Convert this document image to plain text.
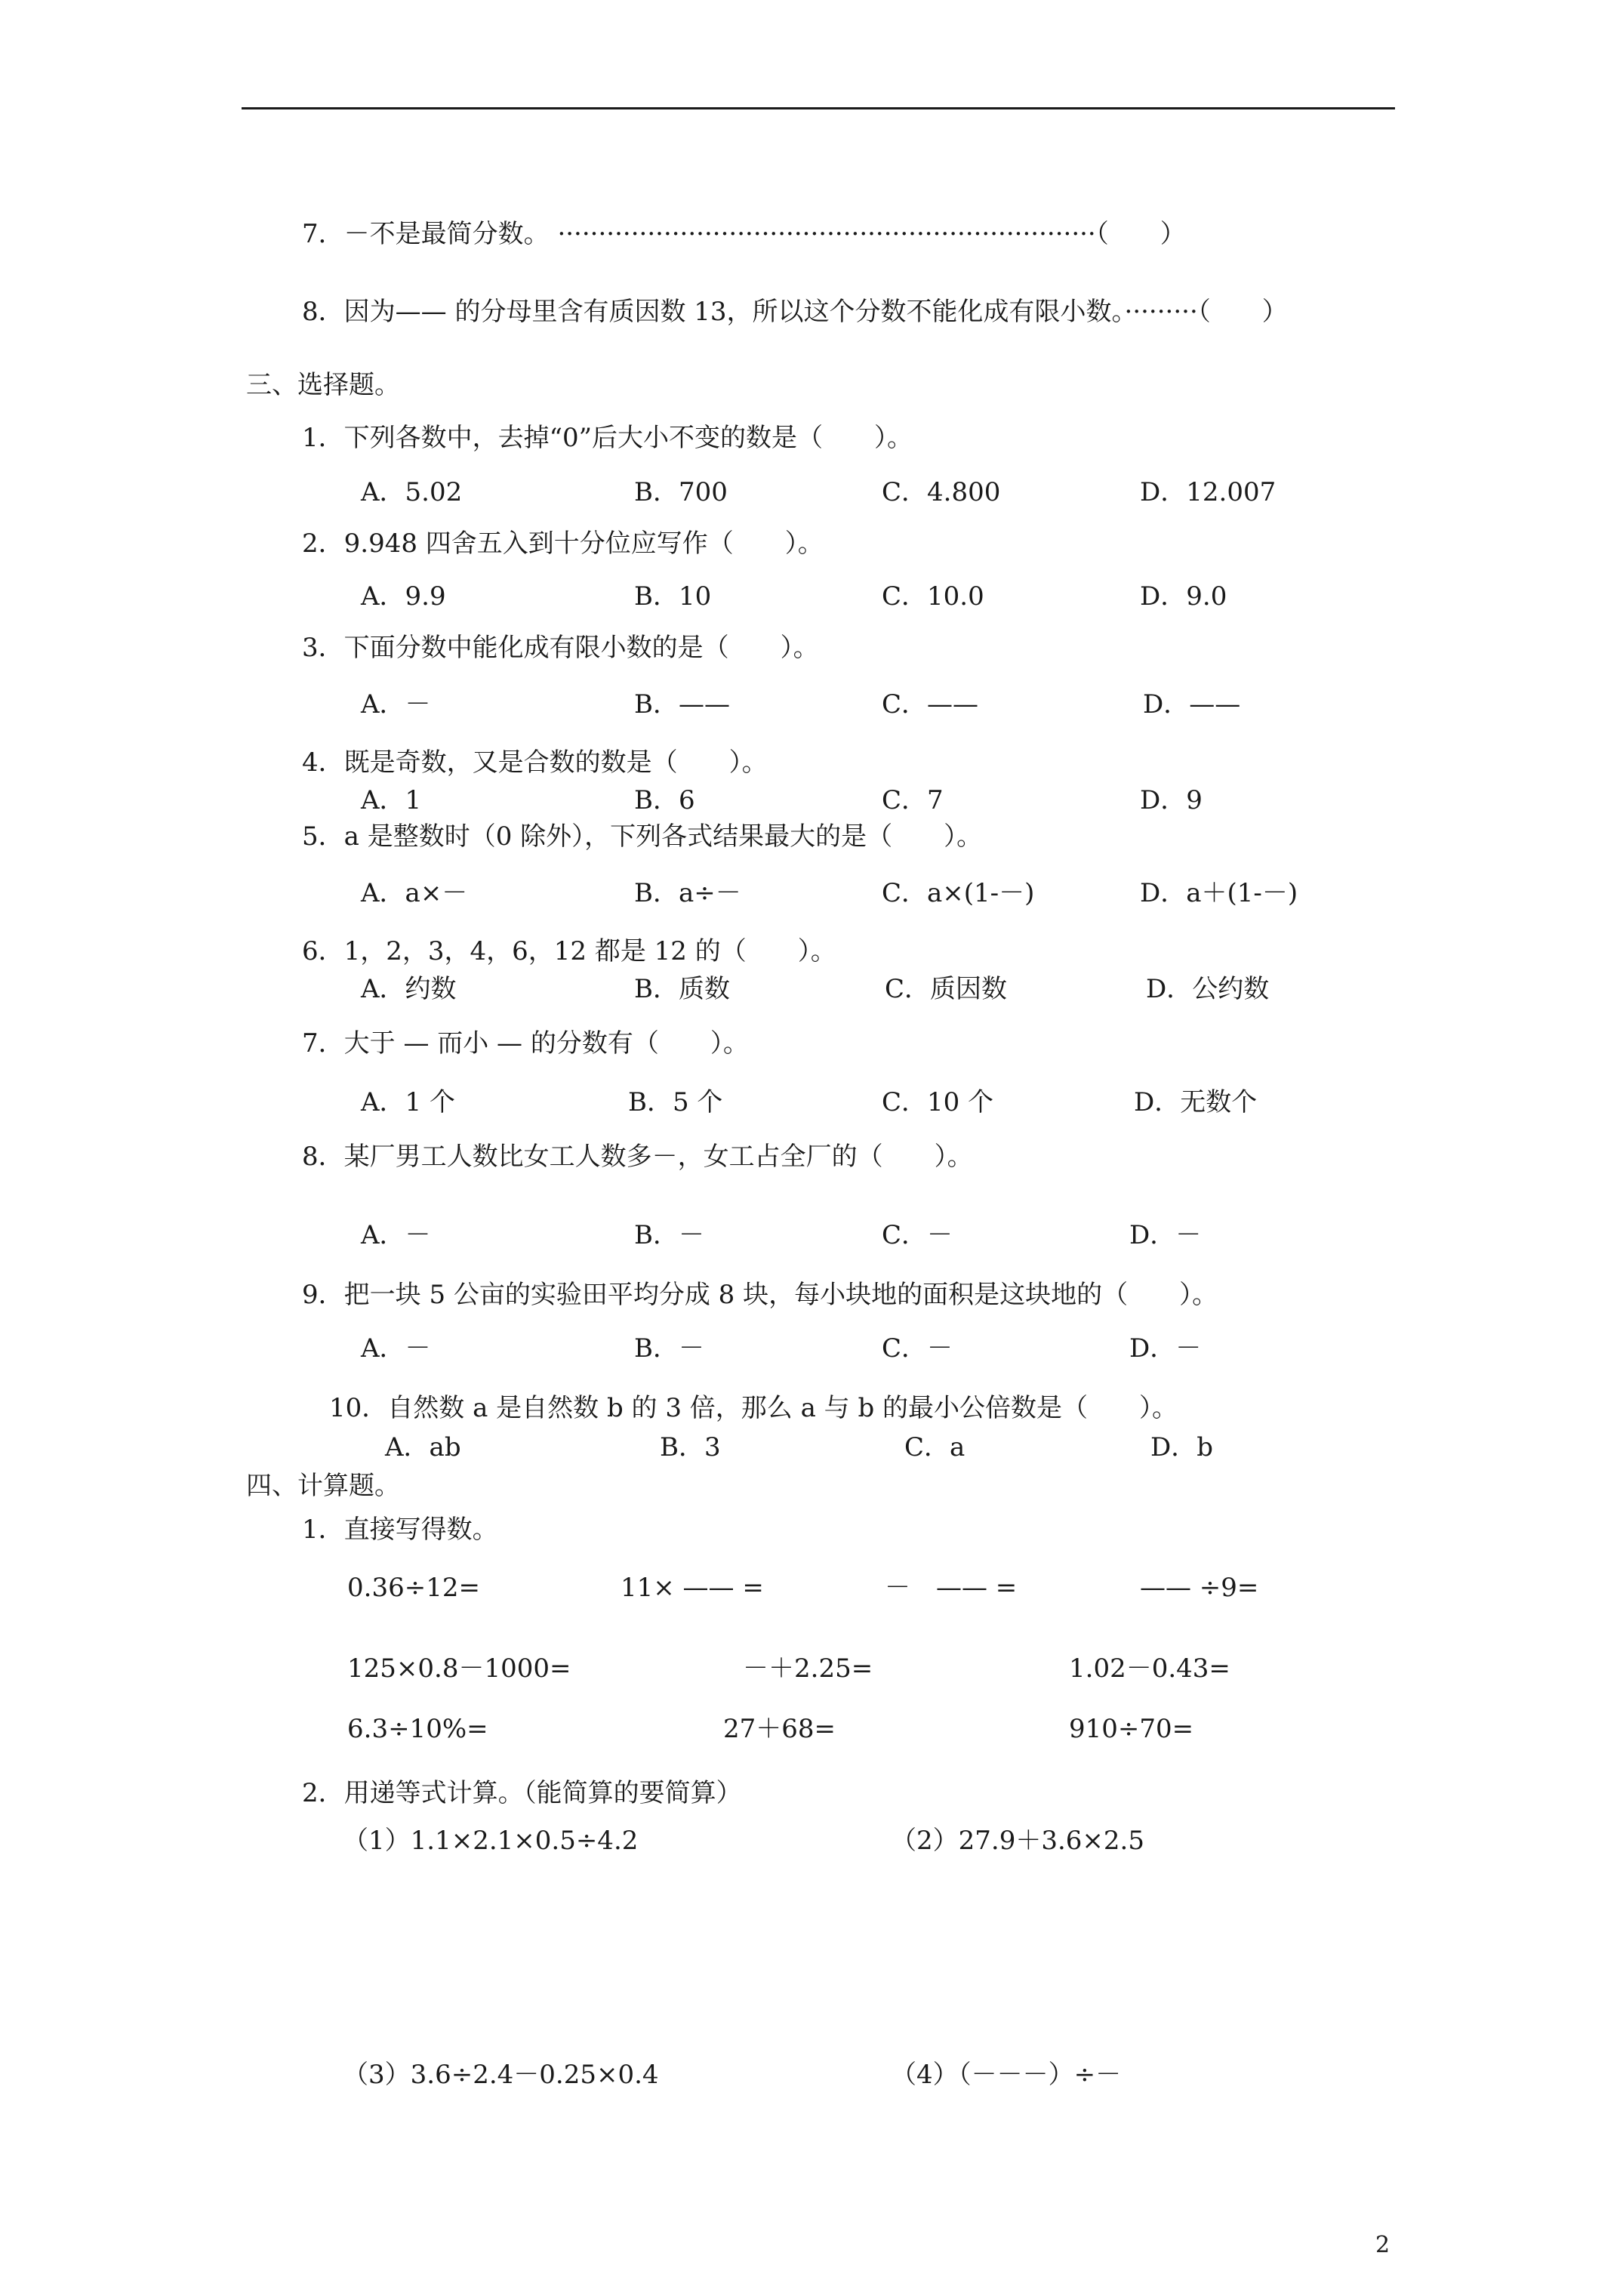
7．－不是最简分数。 ··································································（　　）
8．因为—— 的分母里含有质因数 13，所以这个分数不能化成有限小数。·········（　　）
三、选择题。
1．下列各数中，去掉“0”后大小不变的数是（　　）。
A．5.02	B．700	C．4.800	D．12.007
2．9.948 四舍五入到十分位应写作（　　）。
A．9.9	B．10	C．10.0	D．9.0
3．下面分数中能化成有限小数的是（　　）。
A．－	B．——	C．——	D．——
4．既是奇数，又是合数的数是（　　）。
A．1	B．6	C．7	D．9
5．a 是整数时（0 除外），下列各式结果最大的是（　　）。
A．a×－	B．a÷－	C．a×(1-－)	D．a＋(1-－)
6．1，2，3，4，6，12 都是 12 的（　　）。
A．约数	B．质数	C．质因数	D．公约数
7．大于 — 而小 — 的分数有（　　）。
A．1 个	B．5 个	C．10 个	D．无数个
8．某厂男工人数比女工人数多－，女工占全厂的（　　）。
A．－	B．－	C．－	D．－
9．把一块 5 公亩的实验田平均分成 8 块，每小块地的面积是这块地的（　　）。
A．－	B．－	C．－	D．－
10．自然数 a 是自然数 b 的 3 倍，那么 a 与 b 的最小公倍数是（　　）。
A．ab	B．3	C．a	D．b
四、计算题。
1．直接写得数。
0.36÷12=	11× —— =	－　—— =	—— ÷9=
125×0.8－1000=	－＋2.25=	1.02－0.43=
6.3÷10%=	27＋68=	910÷70=
2．用递等式计算。（能简算的要简算）
（1）1.1×2.1×0.5÷4.2	（2）27.9＋3.6×2.5
（3）3.6÷2.4－0.25×0.4	（4）（－－－）÷－
2
